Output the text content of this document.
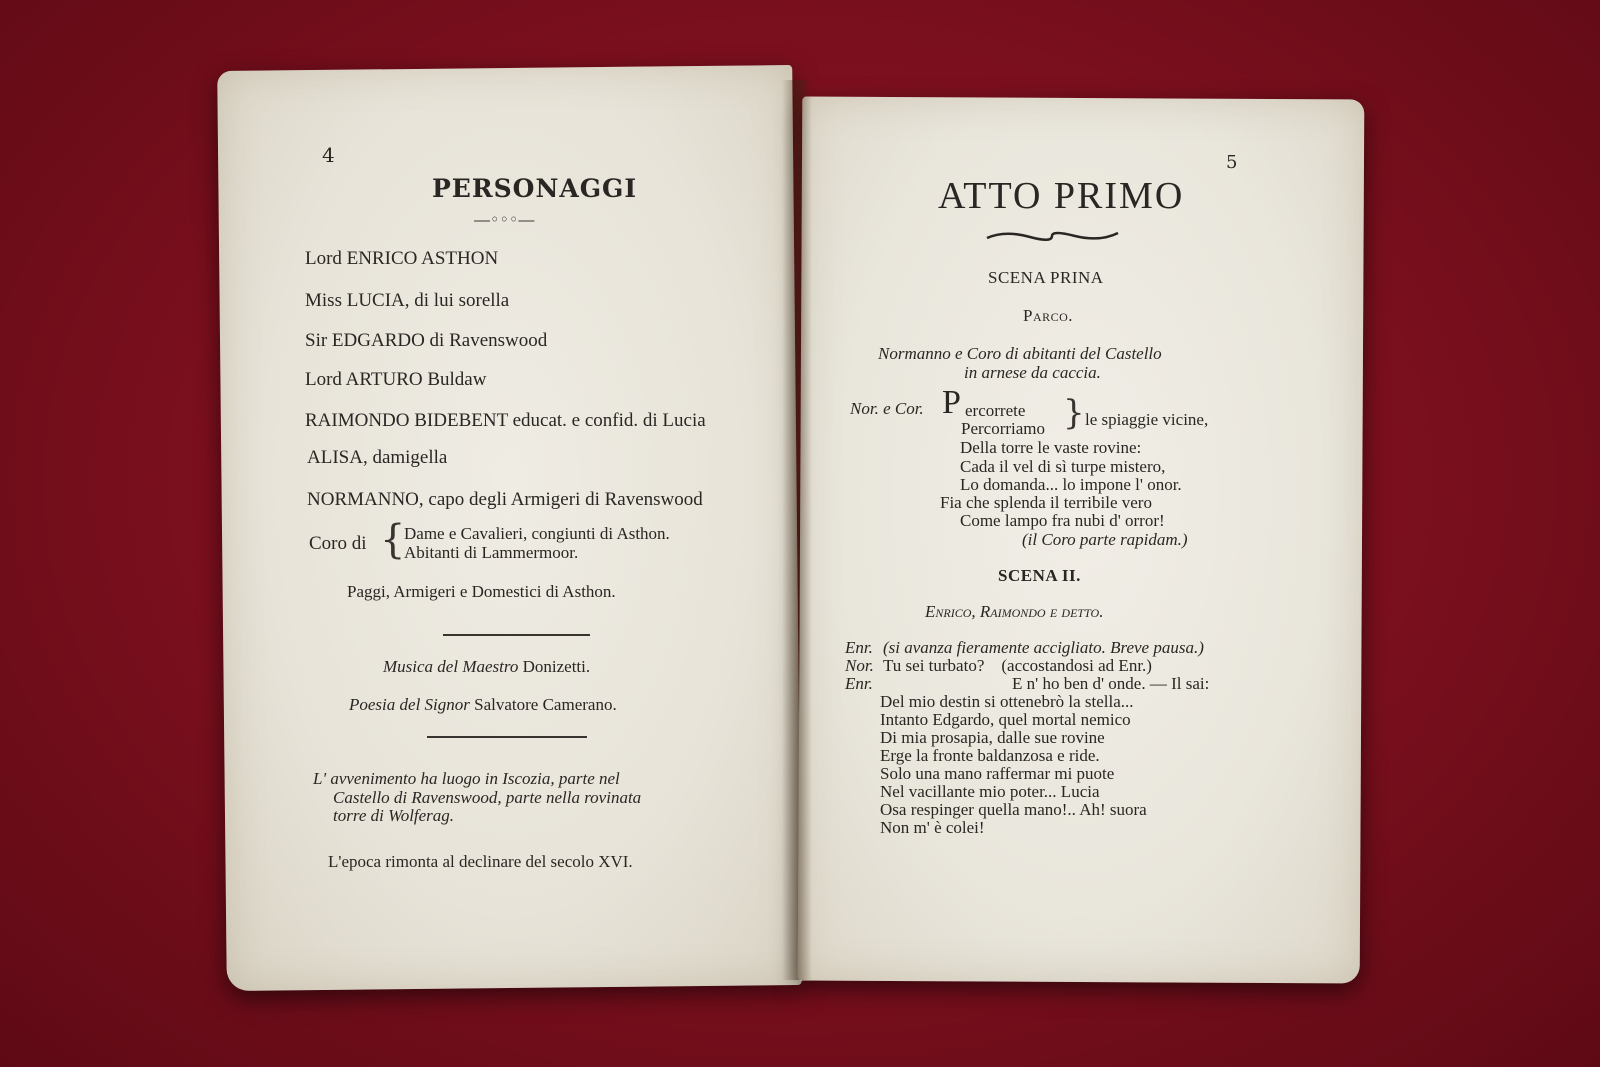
4
PERSONAGGI
⎯⎯◦◦◦⎯⎯
Lord ENRICO ASTHON
Miss LUCIA, di lui sorella
Sir EDGARDO di Ravenswood
Lord ARTURO Buldaw
RAIMONDO BIDEBENT educat. e confid. di Lucia
ALISA, damigella
NORMANNO, capo degli Armigeri di Ravenswood
Coro di {
Dame e Cavalieri, congiunti di Asthon.
Abitanti di Lammermoor.
Paggi, Armigeri e Domestici di Asthon.
Musica del Maestro Donizetti.
Poesia del Signor Salvatore Camerano.
L' avvenimento ha luogo in Iscozia, parte nel
Castello di Ravenswood, parte nella rovinata
torre di Wolferag.
L'epoca rimonta al declinare del secolo XVI.
5
ATTO PRIMO
SCENA PRINA
Parco.
Normanno e Coro di abitanti del Castello
in arnese da caccia.
Nor. e Cor. P ercorrete
Percorriamo } le spiaggie vicine,
Della torre le vaste rovine:
Cada il vel di sì turpe mistero,
Lo domanda... lo impone l' onor.
Fia che splenda il terribile vero
Come lampo fra nubi d' orror!
(il Coro parte rapidam.)
SCENA II.
Enrico, Raimondo e detto.
Enr. (si avanza fieramente accigliato. Breve pausa.)
Nor. Tu sei turbato?    (accostandosi ad Enr.)
Enr.	E n' ho ben d' onde. — Il sai:
Del mio destin si ottenebrò la stella...
Intanto Edgardo, quel mortal nemico
Di mia prosapia, dalle sue rovine
Erge la fronte baldanzosa e ride.
Solo una mano raffermar mi puote
Nel vacillante mio poter... Lucia
Osa respinger quella mano!.. Ah! suora
Non m' è colei!
